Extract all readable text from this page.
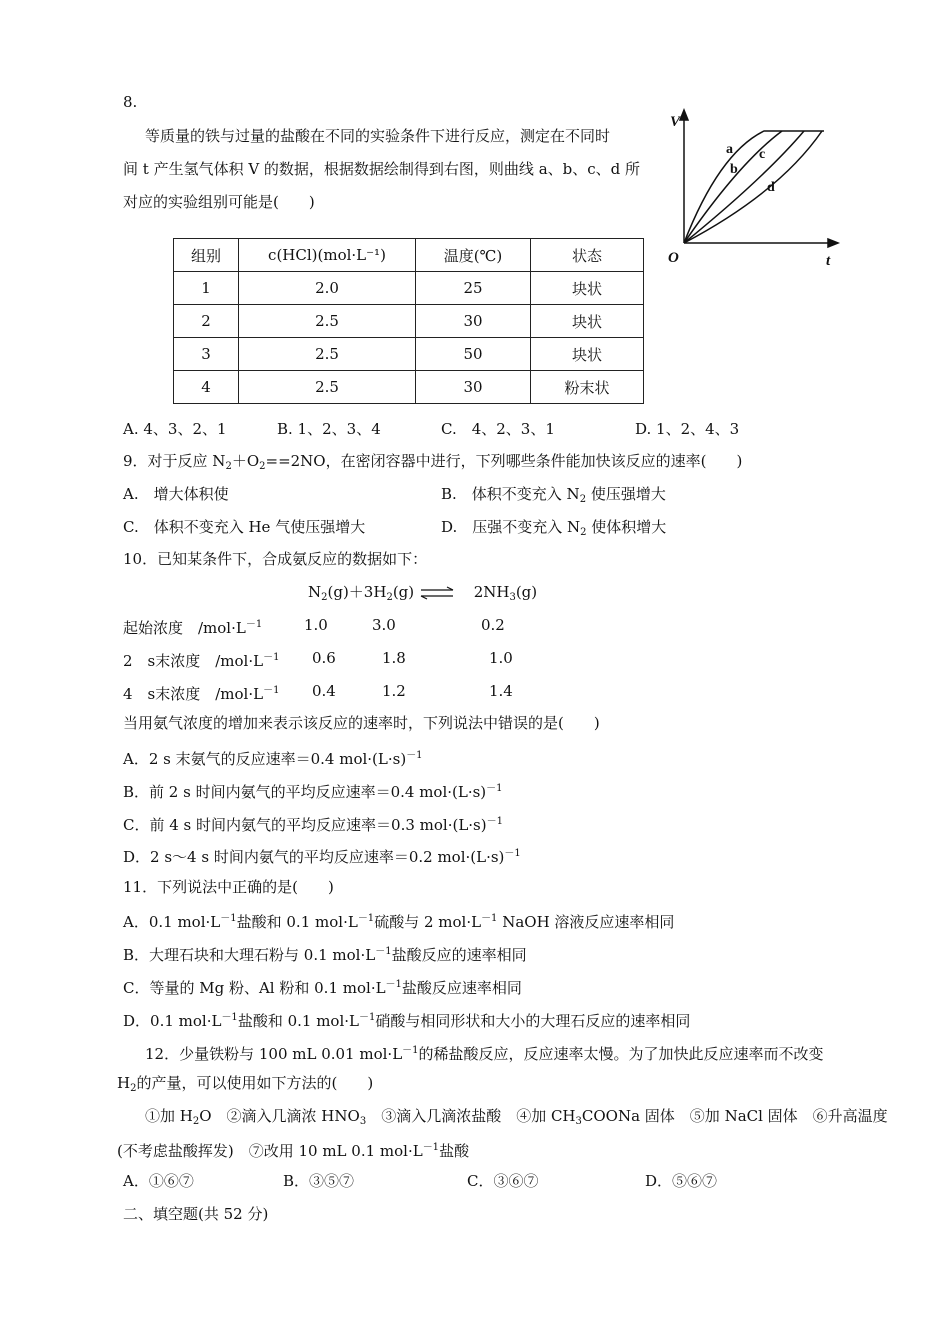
8.
等质量的铁与过量的盐酸在不同的实验条件下进行反应，测定在不同时
间 t 产生氢气体积 V 的数据，根据数据绘制得到右图，则曲线 a、b、c、d 所
对应的实验组别可能是(　　)
V
t
O
a
b
c
d
组别	c(HCl)(mol·L⁻¹)	温度(℃)	状态
1	2.0	25	块状
2	2.5	30	块状
3	2.5	50	块状
4	2.5	30	粉末状
A. 4、3、2、1	B. 1、2、3、4	C.　4、2、3、1	D. 1、2、4、3
9．对于反应 $N_2+O_2==2NO$，在密闭容器中进行，下列哪些条件能加快该反应的速率(　　)
A.　增大体积使	B.　体积不变充入 $N_2$ 使压强增大
C.　体积不变充入 He 气使压强增大	D.　压强不变充入 $N_2$ 使体积增大
10．已知某条件下，合成氨反应的数据如下：
$N_2(g)+3H_2(g)$ ⇌ $2NH_3(g)$
起始浓度　$/mol\cdot L^{-1}$	1.0	3.0	0.2
2　s末浓度　$/mol\cdot L^{-1}$ 0.6	1.8	1.0
4　s末浓度　$/mol\cdot L^{-1}$ 0.4	1.2	1.4
当用氨气浓度的增加来表示该反应的速率时，下列说法中错误的是(　　)
A．2 s 末氨气的反应速率＝0.4 $mol\cdot(L\cdot s)^{-1}$
B．前 2 s 时间内氨气的平均反应速率＝0.4 $mol\cdot(L\cdot s)^{-1}$
C．前 4 s 时间内氨气的平均反应速率＝0.3 $mol\cdot(L\cdot s)^{-1}$
D．2 s～4 s 时间内氨气的平均反应速率＝0.2 $mol\cdot(L\cdot s)^{-1}$
11．下列说法中正确的是(　　)
A．0.1 $mol\cdot L^{-1}$盐酸和 0.1 $mol\cdot L^{-1}$硫酸与 2 $mol\cdot L^{-1}$ NaOH 溶液反应速率相同
B．大理石块和大理石粉与 0.1 $mol\cdot L^{-1}$盐酸反应的速率相同
C．等量的 Mg 粉、Al 粉和 0.1 $mol\cdot L^{-1}$盐酸反应速率相同
D．0.1 $mol\cdot L^{-1}$盐酸和 0.1 $mol\cdot L^{-1}$硝酸与相同形状和大小的大理石反应的速率相同
12．少量铁粉与 100 mL 0.01 $mol\cdot L^{-1}$的稀盐酸反应，反应速率太慢。为了加快此反应速率而不改变
$H_2$的产量，可以使用如下方法的(　　)
①加 $H_2O$　②滴入几滴浓 $HNO_3$　③滴入几滴浓盐酸　④加 $CH_3COONa$ 固体　⑤加 NaCl 固体　⑥升高温度
(不考虑盐酸挥发)　⑦改用 10 mL 0.1 $mol\cdot L^{-1}$盐酸
A．①⑥⑦	B．③⑤⑦	C．③⑥⑦	D．⑤⑥⑦
二、填空题(共 52 分)
